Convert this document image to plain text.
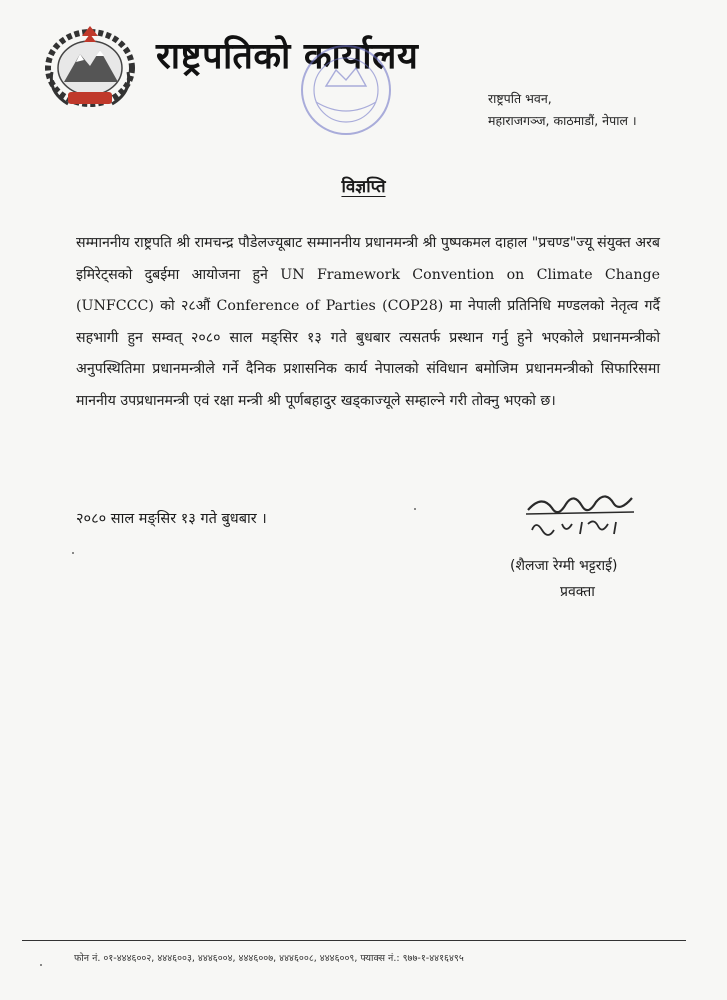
राष्ट्रपतिको कार्यालय
राष्ट्रपति भवन,
महाराजगञ्ज, काठमाडौं, नेपाल ।
विज्ञप्ति
सम्माननीय राष्ट्रपति श्री रामचन्द्र पौडेलज्यूबाट सम्माननीय प्रधानमन्त्री श्री पुष्पकमल दाहाल "प्रचण्ड"ज्यू संयुक्त अरब इमिरेट्सको दुबईमा आयोजना हुने UN Framework Convention on Climate Change (UNFCCC) को २८औं Conference of Parties (COP28) मा नेपाली प्रतिनिधि मण्डलको नेतृत्व गर्दै सहभागी हुन सम्वत् २०८० साल मङ्सिर १३ गते बुधबार त्यसतर्फ प्रस्थान गर्नु हुने भएकोले प्रधानमन्त्रीको अनुपस्थितिमा प्रधानमन्त्रीले गर्ने दैनिक प्रशासनिक कार्य नेपालको संविधान बमोजिम प्रधानमन्त्रीको सिफारिसमा माननीय उपप्रधानमन्त्री एवं रक्षा मन्त्री श्री पूर्णबहादुर खड्काज्यूले सम्हाल्ने गरी तोक्नु भएको छ।
२०८० साल मङ्सिर १३ गते बुधबार ।
(शैलजा रेग्मी भट्टराई)
प्रवक्ता
फोन नं. ०१-४४४६००२, ४४४६००३, ४४४६००४, ४४४६००७, ४४४६००८, ४४४६००९, फ्याक्स नं.: ९७७-१-४४१६४९५
